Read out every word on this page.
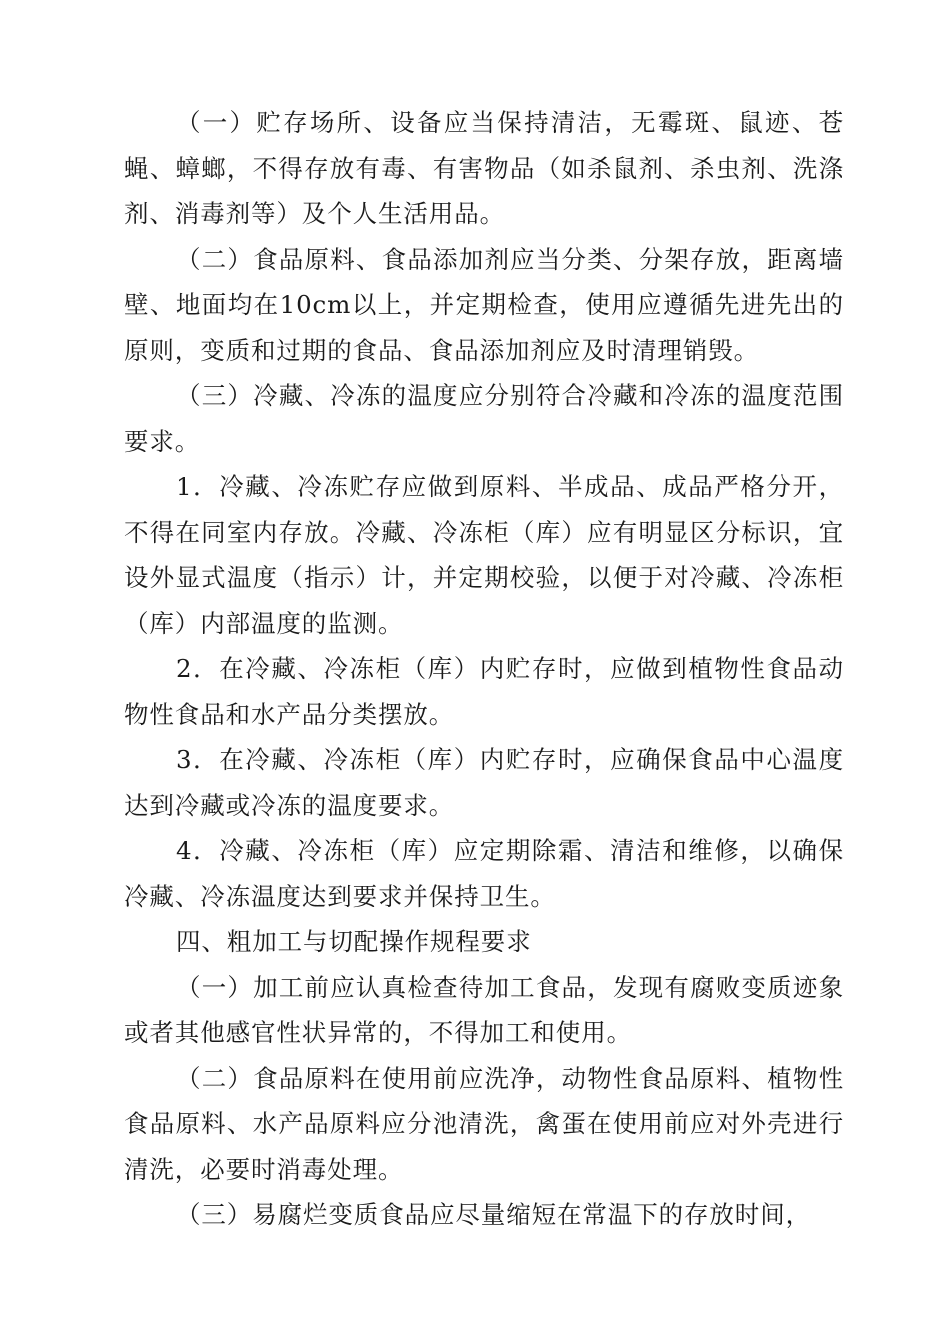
（一）贮存场所、设备应当保持清洁，无霉斑、鼠迹、苍蝇、蟑螂，不得存放有毒、有害物品（如杀鼠剂、杀虫剂、洗涤剂、消毒剂等）及个人生活用品。

（二）食品原料、食品添加剂应当分类、分架存放，距离墙壁、地面均在10cm以上，并定期检查，使用应遵循先进先出的原则，变质和过期的食品、食品添加剂应及时清理销毁。

（三）冷藏、冷冻的温度应分别符合冷藏和冷冻的温度范围要求。

1．冷藏、冷冻贮存应做到原料、半成品、成品严格分开，不得在同室内存放。冷藏、冷冻柜（库）应有明显区分标识，宜设外显式温度（指示）计，并定期校验，以便于对冷藏、冷冻柜（库）内部温度的监测。

2．在冷藏、冷冻柜（库）内贮存时，应做到植物性食品动物性食品和水产品分类摆放。

3．在冷藏、冷冻柜（库）内贮存时，应确保食品中心温度达到冷藏或冷冻的温度要求。

4．冷藏、冷冻柜（库）应定期除霜、清洁和维修，以确保冷藏、冷冻温度达到要求并保持卫生。

四、粗加工与切配操作规程要求

（一）加工前应认真检查待加工食品，发现有腐败变质迹象或者其他感官性状异常的，不得加工和使用。

（二）食品原料在使用前应洗净，动物性食品原料、植物性食品原料、水产品原料应分池清洗，禽蛋在使用前应对外壳进行清洗，必要时消毒处理。

（三）易腐烂变质食品应尽量缩短在常温下的存放时间，
